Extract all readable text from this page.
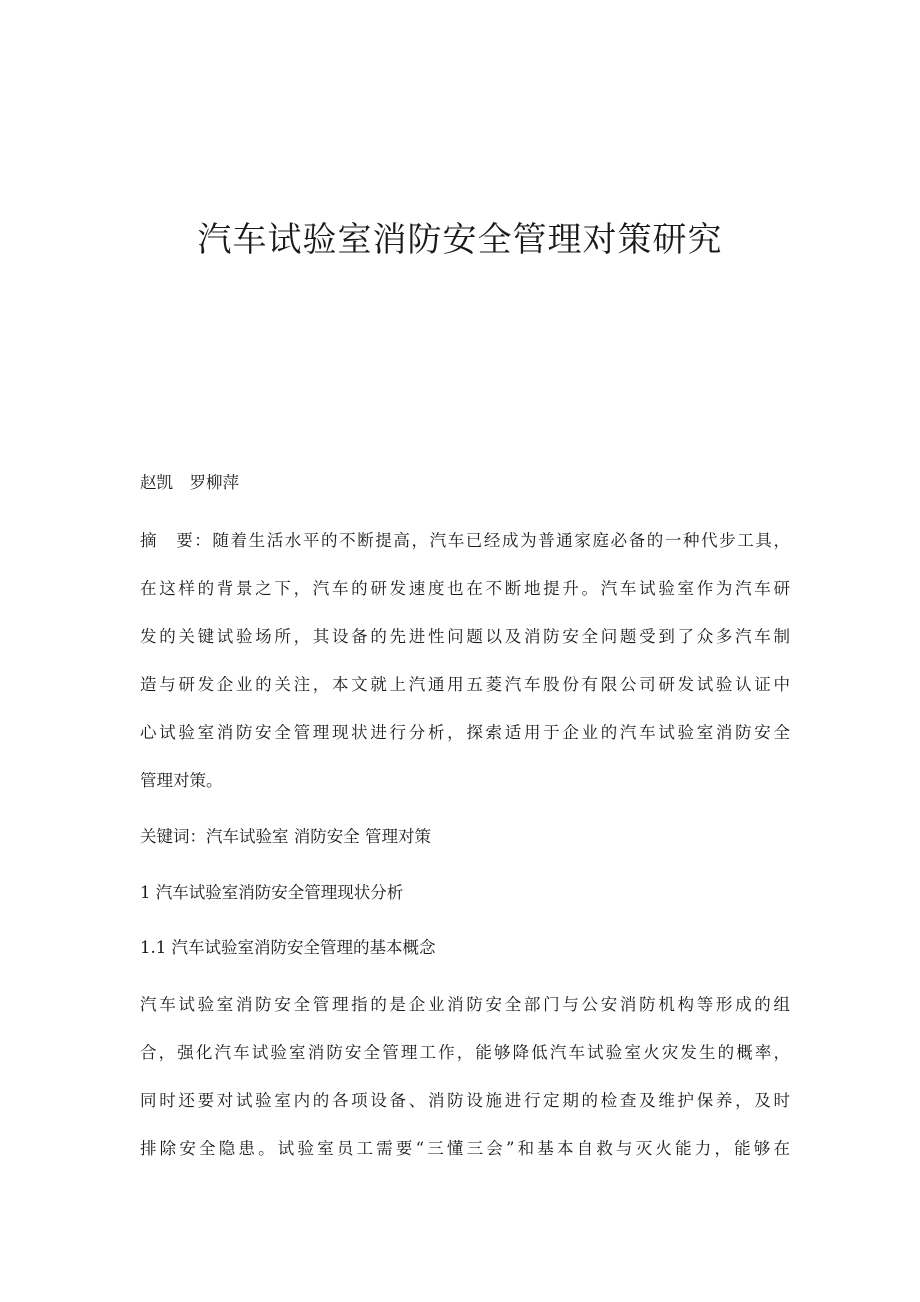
汽车试验室消防安全管理对策研究
赵凯　罗柳萍
摘　要：随着生活水平的不断提高，汽车已经成为普通家庭必备的一种代步工具，
在这样的背景之下，汽车的研发速度也在不断地提升。汽车试验室作为汽车研
发的关键试验场所，其设备的先进性问题以及消防安全问题受到了众多汽车制
造与研发企业的关注，本文就上汽通用五菱汽车股份有限公司研发试验认证中
心试验室消防安全管理现状进行分析，探索适用于企业的汽车试验室消防安全
管理对策。
关键词：汽车试验室 消防安全 管理对策
1 汽车试验室消防安全管理现状分析
1.1 汽车试验室消防安全管理的基本概念
汽车试验室消防安全管理指的是企业消防安全部门与公安消防机构等形成的组
合，强化汽车试验室消防安全管理工作，能够降低汽车试验室火灾发生的概率，
同时还要对试验室内的各项设备、消防设施进行定期的检查及维护保养，及时
排除安全隐患。试验室员工需要“三懂三会”和基本自救与灭火能力，能够在
